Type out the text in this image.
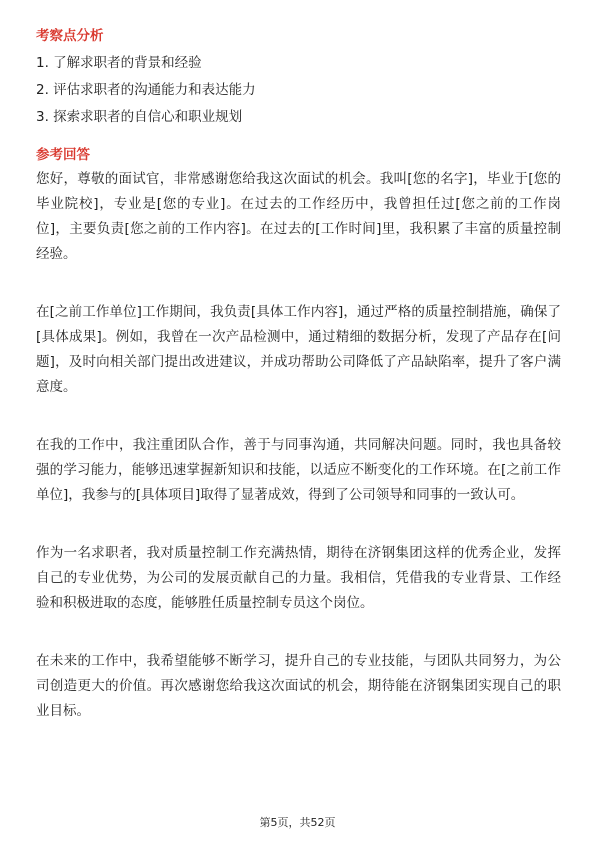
考察点分析
1. 了解求职者的背景和经验
2. 评估求职者的沟通能力和表达能力
3. 探索求职者的自信心和职业规划
参考回答

您好，尊敬的面试官，非常感谢您给我这次面试的机会。我叫[您的名字]，毕业于[您的毕业院校]，专业是[您的专业]。在过去的工作经历中，我曾担任过[您之前的工作岗位]，主要负责[您之前的工作内容]。在过去的[工作时间]里，我积累了丰富的质量控制经验。

在[之前工作单位]工作期间，我负责[具体工作内容]，通过严格的质量控制措施，确保了[具体成果]。例如，我曾在一次产品检测中，通过精细的数据分析，发现了产品存在[问题]，及时向相关部门提出改进建议，并成功帮助公司降低了产品缺陷率，提升了客户满意度。

在我的工作中，我注重团队合作，善于与同事沟通，共同解决问题。同时，我也具备较强的学习能力，能够迅速掌握新知识和技能，以适应不断变化的工作环境。在[之前工作单位]，我参与的[具体项目]取得了显著成效，得到了公司领导和同事的一致认可。

作为一名求职者，我对质量控制工作充满热情，期待在济钢集团这样的优秀企业，发挥自己的专业优势，为公司的发展贡献自己的力量。我相信，凭借我的专业背景、工作经验和积极进取的态度，能够胜任质量控制专员这个岗位。

在未来的工作中，我希望能够不断学习，提升自己的专业技能，与团队共同努力，为公司创造更大的价值。再次感谢您给我这次面试的机会，期待能在济钢集团实现自己的职业目标。

第5页，共52页
